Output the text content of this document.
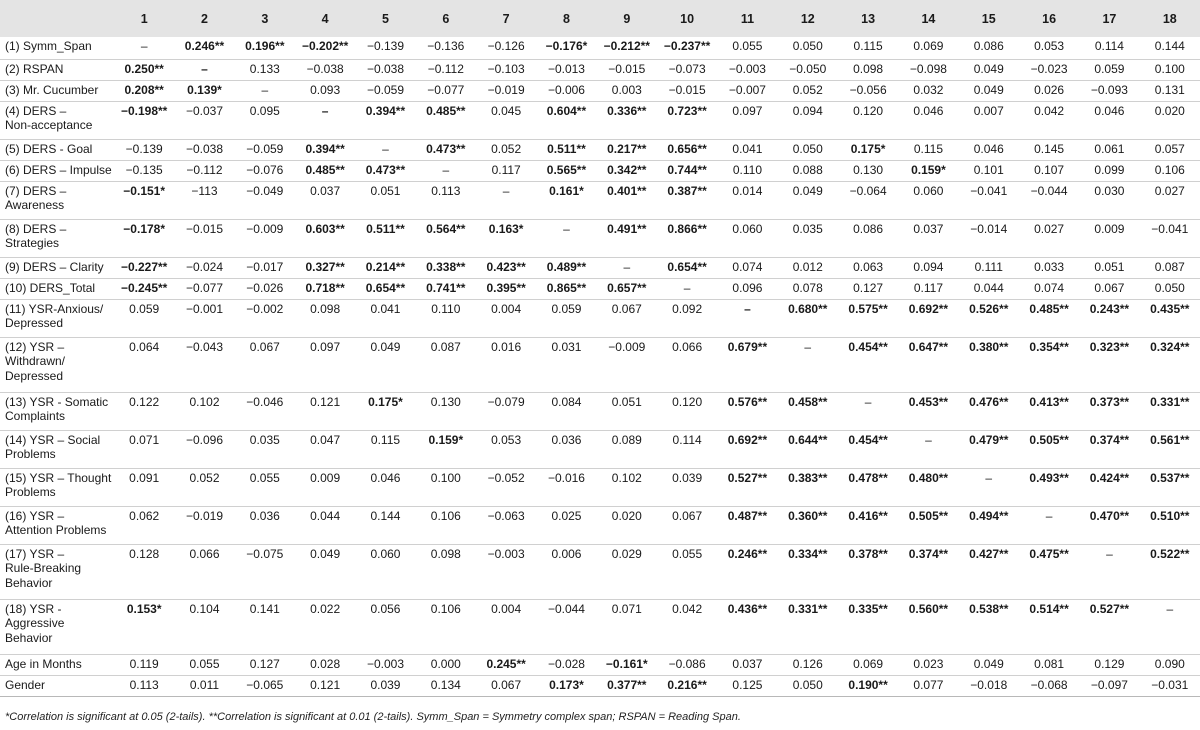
	1	2	3	4	5	6	7	8	9	10	11	12	13	14	15	16	17	18

(1) Symm_Span	–	0.246**	0.196**	−0.202**	−0.139	−0.136	−0.126	−0.176*	−0.212**	−0.237**	0.055	0.050	0.115	0.069	0.086	0.053	0.114	0.144

(2) RSPAN	0.250**	–	0.133	−0.038	−0.038	−0.112	−0.103	−0.013	−0.015	−0.073	−0.003	−0.050	0.098	−0.098	0.049	−0.023	0.059	0.100

(3) Mr. Cucumber	0.208**	0.139*	–	0.093	−0.059	−0.077	−0.019	−0.006	0.003	−0.015	−0.007	0.052	−0.056	0.032	0.049	0.026	−0.093	0.131

(4) DERS –
Non-acceptance	−0.198**	−0.037	0.095	–	0.394**	0.485**	0.045	0.604**	0.336**	0.723**	0.097	0.094	0.120	0.046	0.007	0.042	0.046	0.020

(5) DERS - Goal	−0.139	−0.038	−0.059	0.394**	–	0.473**	0.052	0.511**	0.217**	0.656**	0.041	0.050	0.175*	0.115	0.046	0.145	0.061	0.057

(6) DERS – Impulse	−0.135	−0.112	−0.076	0.485**	0.473**	–	0.117	0.565**	0.342**	0.744**	0.110	0.088	0.130	0.159*	0.101	0.107	0.099	0.106

(7) DERS –
Awareness	−0.151*	−113	−0.049	0.037	0.051	0.113	–	0.161*	0.401**	0.387**	0.014	0.049	−0.064	0.060	−0.041	−0.044	0.030	0.027

(8) DERS –
Strategies	−0.178*	−0.015	−0.009	0.603**	0.511**	0.564**	0.163*	–	0.491**	0.866**	0.060	0.035	0.086	0.037	−0.014	0.027	0.009	−0.041

(9) DERS – Clarity	−0.227**	−0.024	−0.017	0.327**	0.214**	0.338**	0.423**	0.489**	–	0.654**	0.074	0.012	0.063	0.094	0.111	0.033	0.051	0.087

(10) DERS_Total	−0.245**	−0.077	−0.026	0.718**	0.654**	0.741**	0.395**	0.865**	0.657**	–	0.096	0.078	0.127	0.117	0.044	0.074	0.067	0.050

(11) YSR-Anxious/
Depressed	0.059	−0.001	−0.002	0.098	0.041	0.110	0.004	0.059	0.067	0.092	–	0.680**	0.575**	0.692**	0.526**	0.485**	0.243**	0.435**

(12) YSR –
Withdrawn/
Depressed	0.064	−0.043	0.067	0.097	0.049	0.087	0.016	0.031	−0.009	0.066	0.679**	–	0.454**	0.647**	0.380**	0.354**	0.323**	0.324**

(13) YSR - Somatic
Complaints	0.122	0.102	−0.046	0.121	0.175*	0.130	−0.079	0.084	0.051	0.120	0.576**	0.458**	–	0.453**	0.476**	0.413**	0.373**	0.331**

(14) YSR – Social
Problems	0.071	−0.096	0.035	0.047	0.115	0.159*	0.053	0.036	0.089	0.114	0.692**	0.644**	0.454**	–	0.479**	0.505**	0.374**	0.561**

(15) YSR – Thought
Problems	0.091	0.052	0.055	0.009	0.046	0.100	−0.052	−0.016	0.102	0.039	0.527**	0.383**	0.478**	0.480**	–	0.493**	0.424**	0.537**

(16) YSR –
Attention Problems	0.062	−0.019	0.036	0.044	0.144	0.106	−0.063	0.025	0.020	0.067	0.487**	0.360**	0.416**	0.505**	0.494**	–	0.470**	0.510**

(17) YSR –
Rule-Breaking
Behavior	0.128	0.066	−0.075	0.049	0.060	0.098	−0.003	0.006	0.029	0.055	0.246**	0.334**	0.378**	0.374**	0.427**	0.475**	–	0.522**

(18) YSR -
Aggressive
Behavior	0.153*	0.104	0.141	0.022	0.056	0.106	0.004	−0.044	0.071	0.042	0.436**	0.331**	0.335**	0.560**	0.538**	0.514**	0.527**	–

Age in Months	0.119	0.055	0.127	0.028	−0.003	0.000	0.245**	−0.028	−0.161*	−0.086	0.037	0.126	0.069	0.023	0.049	0.081	0.129	0.090

Gender	0.113	0.011	−0.065	0.121	0.039	0.134	0.067	0.173*	0.377**	0.216**	0.125	0.050	0.190**	0.077	−0.018	−0.068	−0.097	−0.031
*Correlation is significant at 0.05 (2-tails). **Correlation is significant at 0.01 (2-tails). Symm_Span = Symmetry complex span; RSPAN = Reading Span.
